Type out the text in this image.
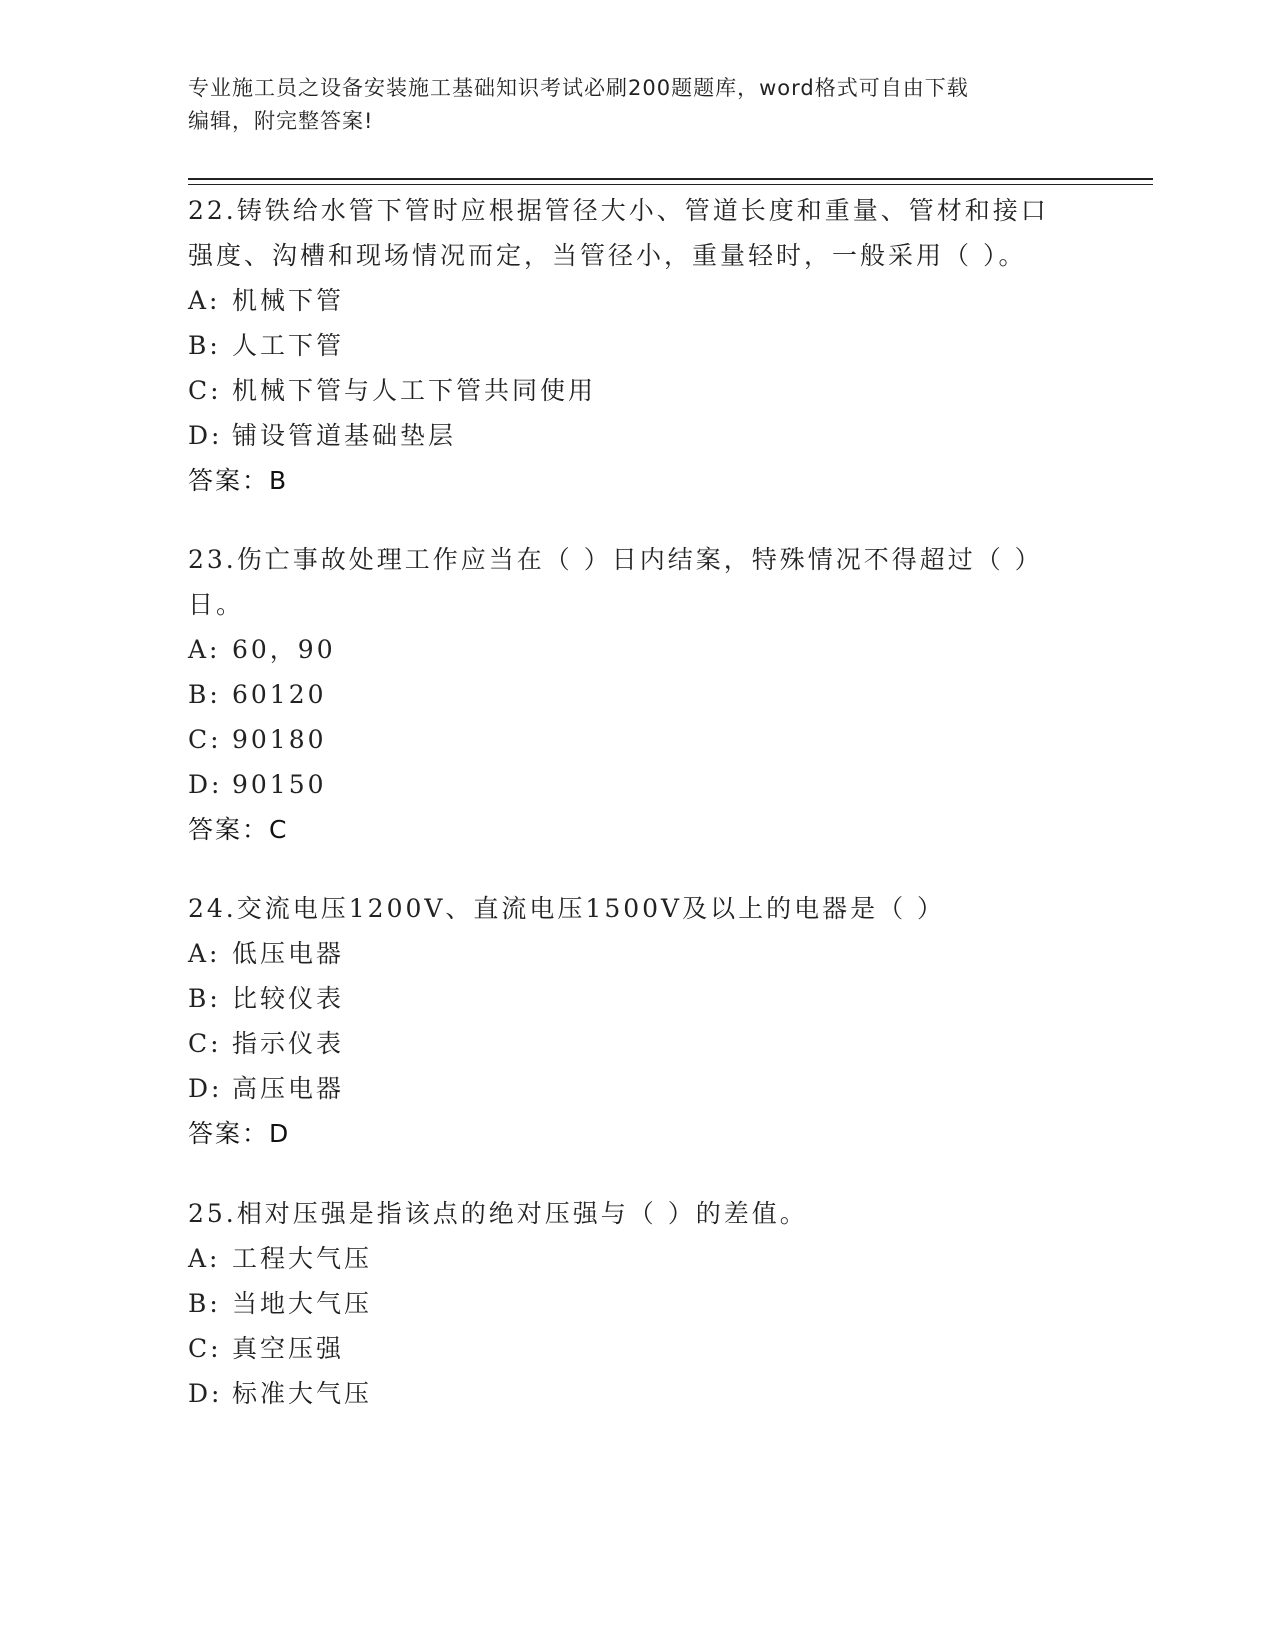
专业施工员之设备安装施工基础知识考试必刷200题题库，word格式可自由下载
编辑，附完整答案!

22.铸铁给水管下管时应根据管径大小、管道长度和重量、管材和接口

强度、沟槽和现场情况而定，当管径小，重量轻时，一般采用（ ）。

A: 机械下管

B: 人工下管

C: 机械下管与人工下管共同使用

D: 铺设管道基础垫层

答案：B

23.伤亡事故处理工作应当在（ ）日内结案，特殊情况不得超过（ ）

日。

A: 60，90

B: 60120

C: 90180

D: 90150

答案：C

24.交流电压1200V、直流电压1500V及以上的电器是（ ）

A: 低压电器

B: 比较仪表

C: 指示仪表

D: 高压电器

答案：D

25.相对压强是指该点的绝对压强与（ ）的差值。

A: 工程大气压

B: 当地大气压

C: 真空压强

D: 标准大气压
